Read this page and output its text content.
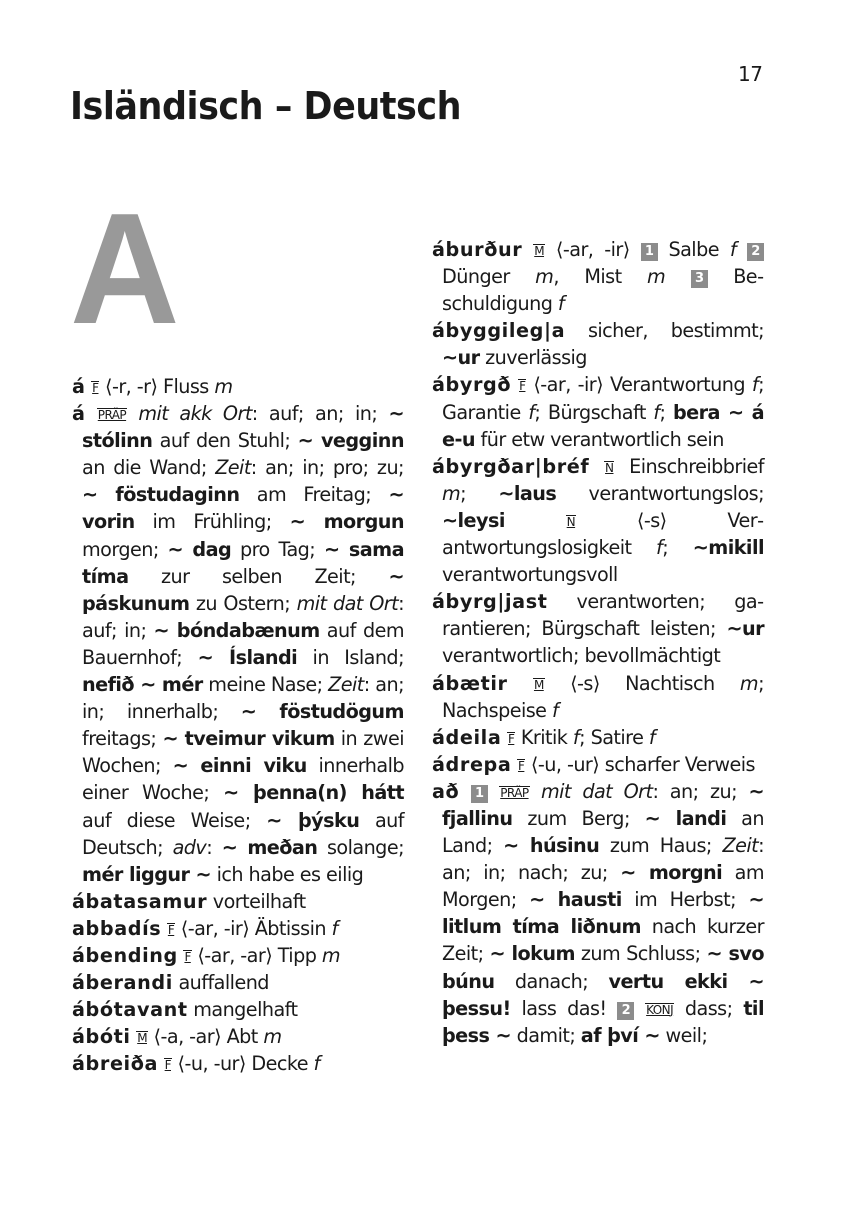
17
Isländisch – Deutsch
A
á F ⟨-r, -r⟩ Fluss m
á PRÄP mit akk Ort: auf; an; in; ~ stólinn auf den Stuhl; ~ vegginn an die Wand; Zeit: an; in; pro; zu; ~ föstudaginn am Freitag; ~ vorin im Frühling; ~ morgun morgen; ~ dag pro Tag; ~ sama tíma zur selben Zeit; ~ páskunum zu Ostern; mit dat Ort: auf; in; ~ bóndabænum auf dem Bauernhof; ~ Íslandi in Island; nefið ~ mér meine Nase; Zeit: an; in; innerhalb; ~ föstudögum freitags; ~ tveimur vikum in zwei Wochen; ~ einni viku innerhalb einer Woche; ~ þenna(n) hátt auf diese Weise; ~ þýsku auf Deutsch; adv: ~ meðan solange; mér liggur ~ ich habe es eilig
ábatasamur vorteilhaft
abbadís F ⟨-ar, -ir⟩ Äbtissin f
ábending F ⟨-ar, -ar⟩ Tipp m
áberandi auffallend
ábótavant mangelhaft
ábóti M ⟨-a, -ar⟩ Abt m
ábreiða F ⟨-u, -ur⟩ Decke f
áburður M ⟨-ar, -ir⟩ 1 Salbe f 2 Dünger m, Mist m 3 Beschuldigung f
ábyggileg|a sicher, bestimmt; ~ur zuverlässig
ábyrgð F ⟨-ar, -ir⟩ Verantwortung f; Garantie f; Bürgschaft f; bera ~ á e-u für etw verantwortlich sein
ábyrgðar|bréf N Einschreibbrief m; ~laus verantwortungslos; ~leysi	N ⟨-s⟩ Verantwortungslosigkeit f; ~mikill verantwortungsvoll
ábyrg|jast verantworten; garantieren; Bürgschaft leisten; ~ur verantwortlich; bevollmächtigt
ábætir M ⟨-s⟩ Nachtisch m; Nachspeise f
ádeila F Kritik f; Satire f
ádrepa F ⟨-u, -ur⟩ scharfer Verweis
að 1 PRÄP mit dat Ort: an; zu; ~ fjallinu zum Berg; ~ landi an Land; ~ húsinu zum Haus; Zeit: an; in; nach; zu; ~ morgni am Morgen; ~ hausti im Herbst; ~ litlum tíma liðnum nach kurzer Zeit; ~ lokum zum Schluss; ~ svo búnu danach; vertu ekki ~ þessu! lass das! 2 KONJ dass; til þess ~ damit; af því ~ weil;
